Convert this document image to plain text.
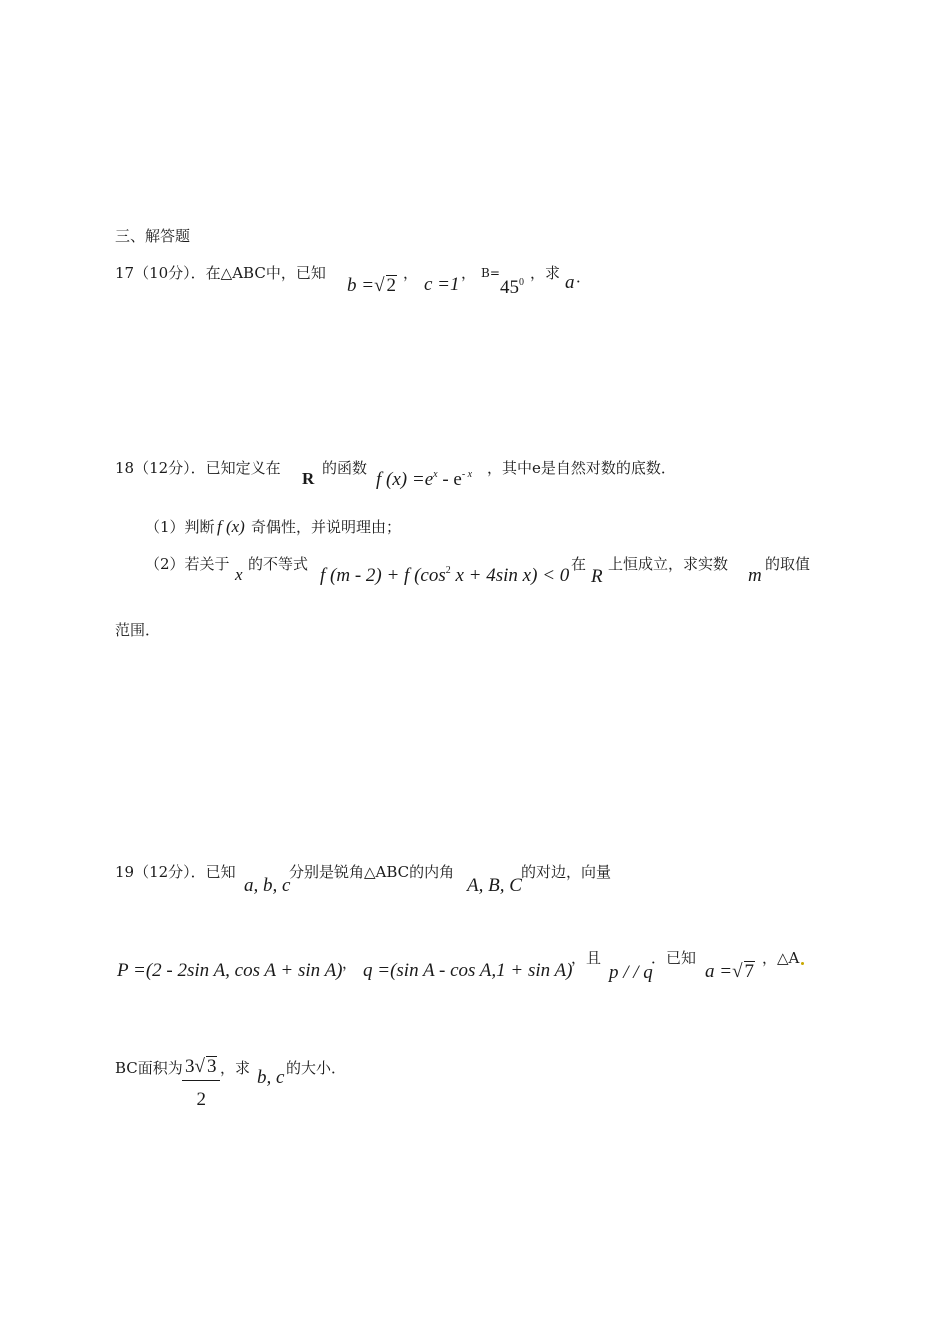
三、解答题
17（10分）．在△ABC中，已知
b =√ 2
，
c =1
， B=
$45^0$
，求 a ．
18（12分）．已知定义在
R
的函数
f $(x) =e^x - e^{- x}$ ，其中e是自然对数的底数．
（1）判断 f (x) 奇偶性，并说明理由；
（2）若关于
x
的不等式
f (m - 2) + f ($\cos^2$ x + 4sin x) < 0
在
R
上恒成立，求实数
m
的取值
范围．
19（12分）．已知
a, b, c
分别是锐角△ABC的内角
A, B, C
的对边，向量
P =(2 - 2sin A, cos A + sin A) ， q =(sin A - cos A,1 + sin A)
，且
p / / q
．已知
a =√ 7
，△A
BC面积为 $\frac{3√ 3}{2}$ ，求 b, c 的大小．
